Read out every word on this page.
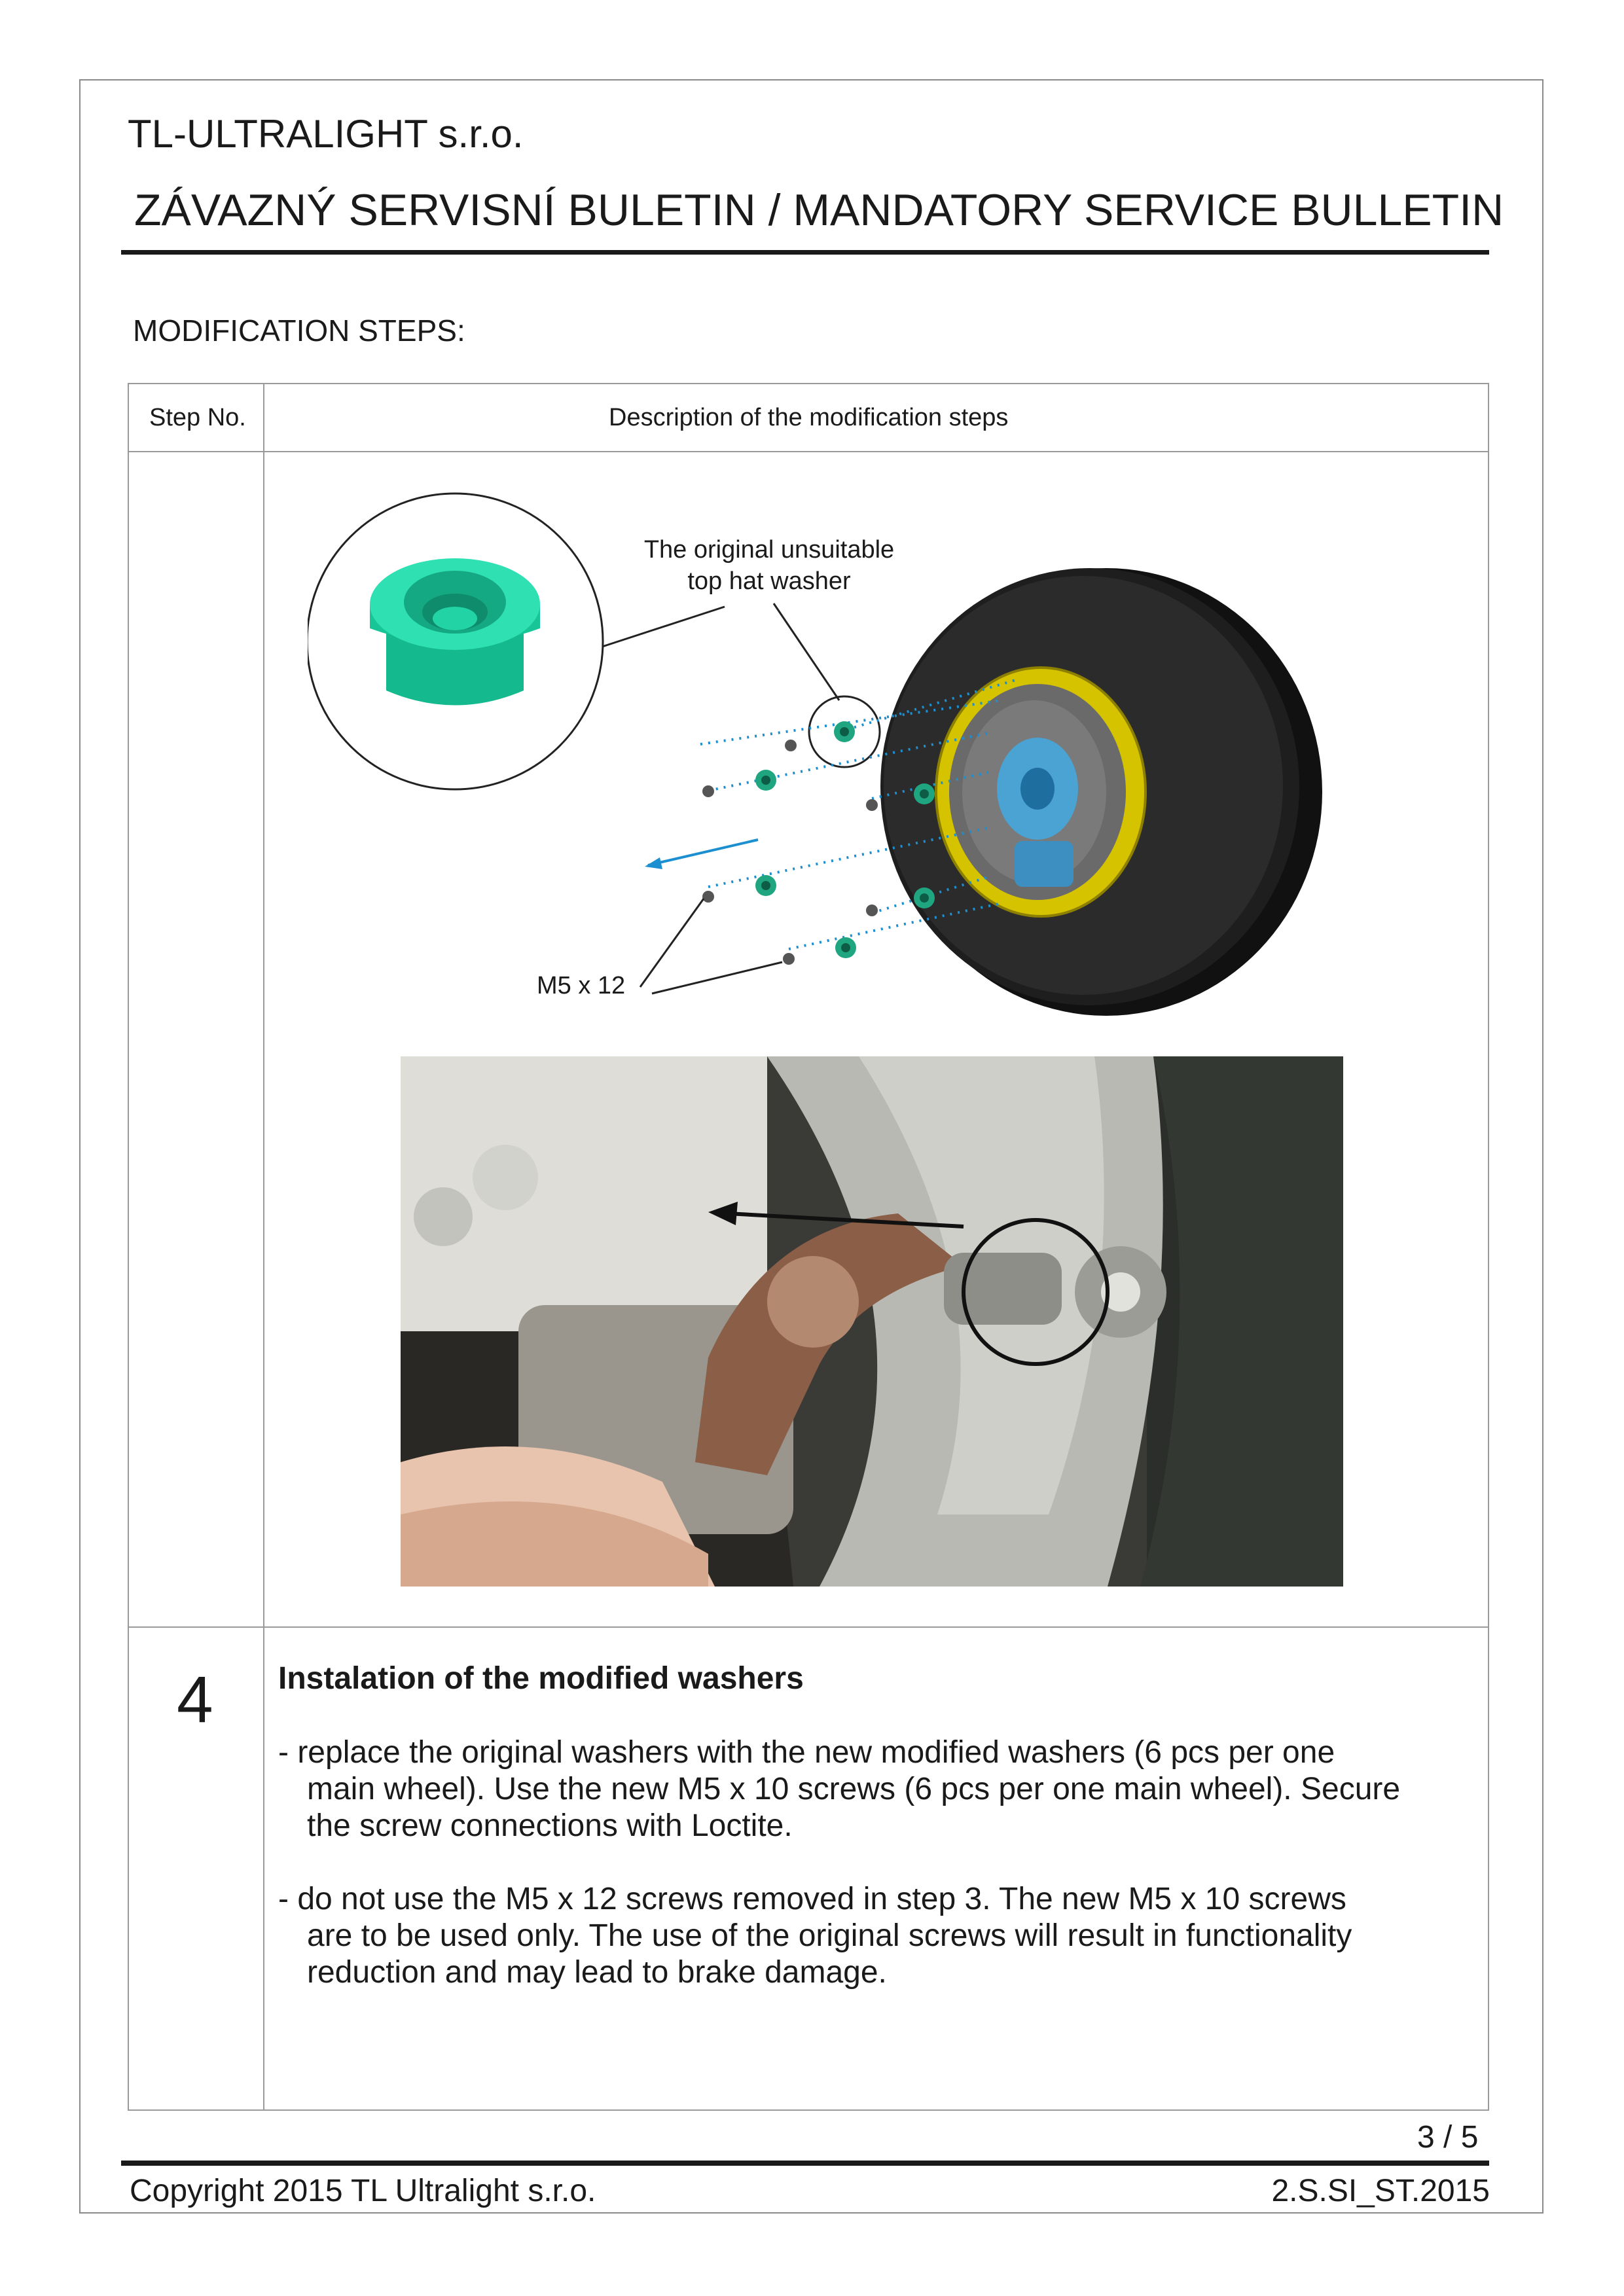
TL-ULTRALIGHT s.r.o.
ZÁVAZNÝ SERVISNÍ BULETIN / MANDATORY SERVICE BULLETIN
MODIFICATION STEPS:
Step No.	Description of the modification steps
The original unsuitable
top hat washer
M5 x 12
4 Instalation of the modified washers
- replace the original washers with the new modified washers (6 pcs per one
main wheel). Use the new M5 x 10 screws (6 pcs per one main wheel). Secure
the screw connections with Loctite.
- do not use the M5 x 12 screws removed in step 3. The new M5 x 10 screws
are to be used only. The use of the original screws will result in functionality
reduction and may lead to brake damage.
3 / 5
Copyright 2015 TL Ultralight s.r.o.	2.S.SI_ST.2015
